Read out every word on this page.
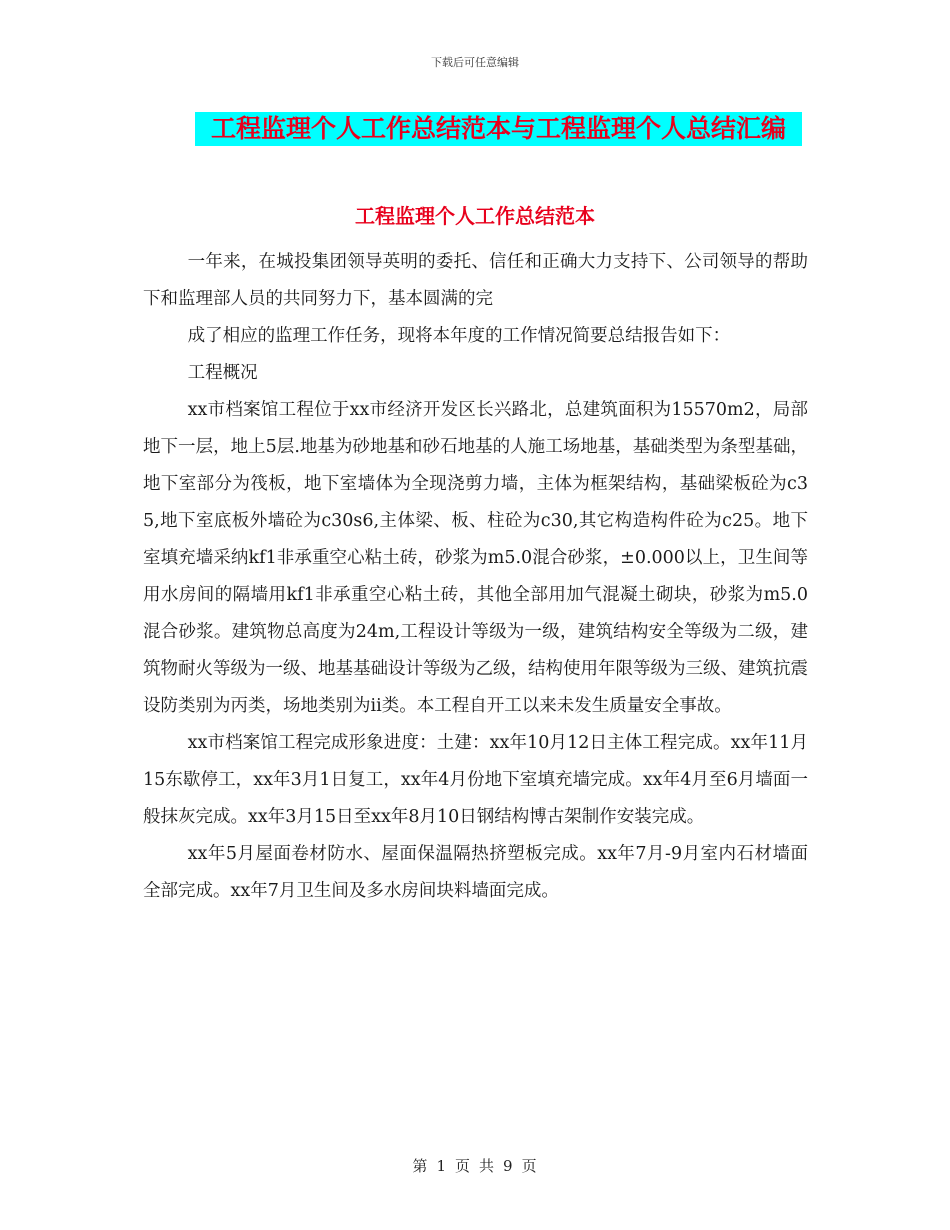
下载后可任意编辑
工程监理个人工作总结范本与工程监理个人总结汇编
工程监理个人工作总结范本

一年来，在城投集团领导英明的委托、信任和正确大力支持下、公司领导的帮助下和监理部人员的共同努力下，基本圆满的完

成了相应的监理工作任务，现将本年度的工作情况简要总结报告如下：

工程概况

xx市档案馆工程位于xx市经济开发区长兴路北，总建筑面积为15570m2，局部地下一层，地上5层.地基为砂地基和砂石地基的人施工场地基，基础类型为条型基础，地下室部分为筏板，地下室墙体为全现浇剪力墙，主体为框架结构，基础梁板砼为c35,地下室底板外墙砼为c30s6,主体梁、板、柱砼为c30,其它构造构件砼为c25。地下室填充墙采纳kf1非承重空心粘土砖，砂浆为m5.0混合砂浆，±0.000以上，卫生间等用水房间的隔墙用kf1非承重空心粘土砖，其他全部用加气混凝土砌块，砂浆为m5.0混合砂浆。建筑物总高度为24m,工程设计等级为一级，建筑结构安全等级为二级，建筑物耐火等级为一级、地基基础设计等级为乙级，结构使用年限等级为三级、建筑抗震设防类别为丙类，场地类别为ii类。本工程自开工以来未发生质量安全事故。

xx市档案馆工程完成形象进度：土建：xx年10月12日主体工程完成。xx年11月15东歇停工，xx年3月1日复工，xx年4月份地下室填充墙完成。xx年4月至6月墙面一般抹灰完成。xx年3月15日至xx年8月10日钢结构博古架制作安装完成。

xx年5月屋面卷材防水、屋面保温隔热挤塑板完成。xx年7月-9月室内石材墙面全部完成。xx年7月卫生间及多水房间块料墙面完成。

第 1 页 共 9 页
